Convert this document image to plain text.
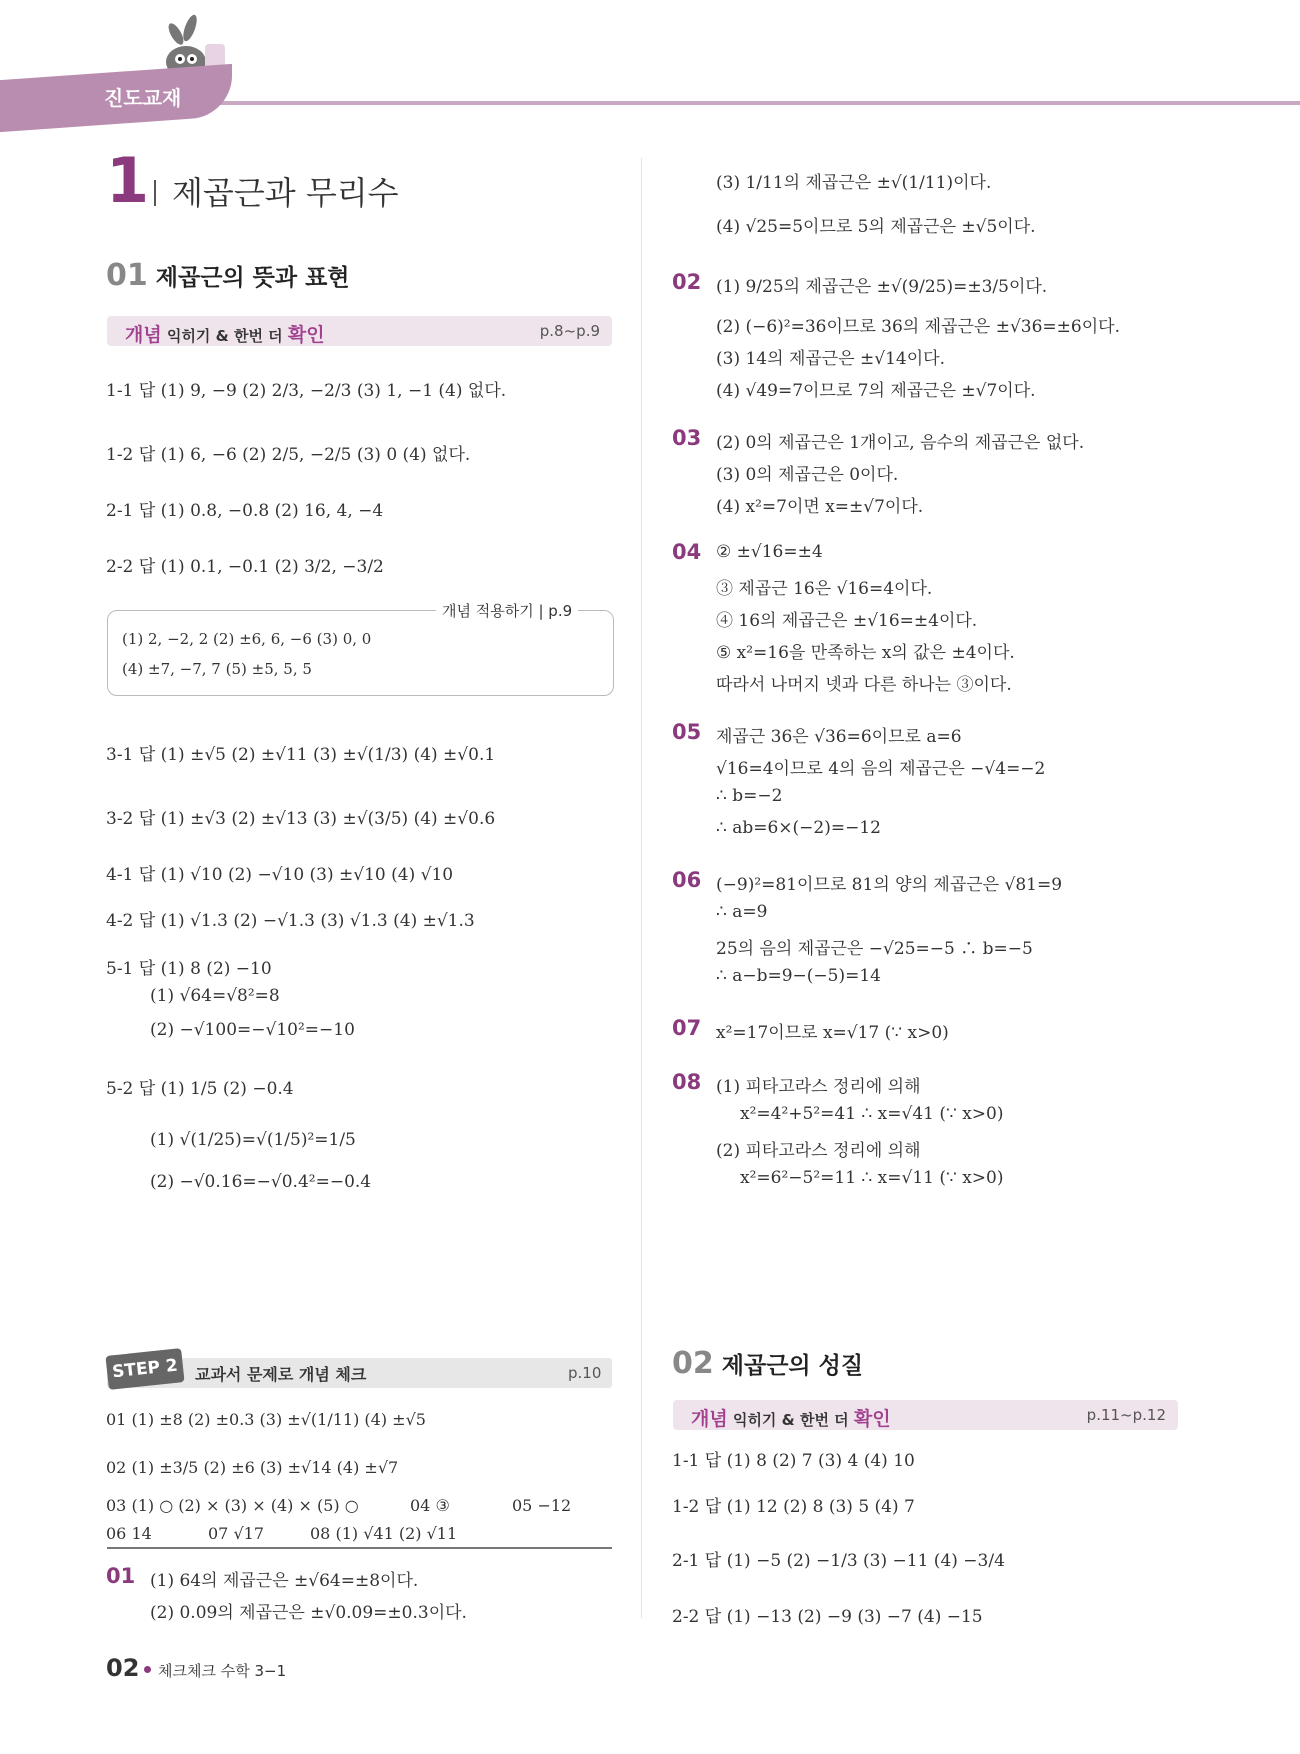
진도교재
1 제곱근과 무리수
01 제곱근의 뜻과 표현
개념 익히기 & 한번 더 확인	p.8~p.9
1-1 답 (1) 9, −9 (2) 2/3, −2/3 (3) 1, −1 (4) 없다.
1-2 답 (1) 6, −6 (2) 2/5, −2/5 (3) 0 (4) 없다.
2-1 답 (1) 0.8, −0.8 (2) 16, 4, −4
2-2 답 (1) 0.1, −0.1 (2) 3/2, −3/2
개념 적용하기 | p.9
(1) 2, −2, 2 (2) ±6, 6, −6 (3) 0, 0
(4) ±7, −7, 7 (5) ±5, 5, 5
3-1 답 (1) ±√5 (2) ±√11 (3) ±√(1/3) (4) ±√0.1
3-2 답 (1) ±√3 (2) ±√13 (3) ±√(3/5) (4) ±√0.6
4-1 답 (1) √10 (2) −√10 (3) ±√10 (4) √10
4-2 답 (1) √1.3 (2) −√1.3 (3) √1.3 (4) ±√1.3
5-1 답 (1) 8 (2) −10
(1) √64=√8²=8
(2) −√100=−√10²=−10
5-2 답 (1) 1/5 (2) −0.4
(1) √(1/25)=√(1/5)²=1/5
(2) −√0.16=−√0.4²=−0.4
STEP 2	교과서 문제로 개념 체크	p.10
01 (1) ±8 (2) ±0.3 (3) ±√(1/11) (4) ±√5
02 (1) ±3/5 (2) ±6 (3) ±√14 (4) ±√7
03 (1) ○ (2) × (3) × (4) × (5) ○	04 ③	05 −12
06 14	07 √17	08 (1) √41 (2) √11
01 (1) 64의 제곱근은 ±√64=±8이다.
(2) 0.09의 제곱근은 ±√0.09=±0.3이다.
(3) 1/11의 제곱근은 ±√(1/11)이다.
(4) √25=5이므로 5의 제곱근은 ±√5이다.
02 (1) 9/25의 제곱근은 ±√(9/25)=±3/5이다.
(2) (−6)²=36이므로 36의 제곱근은 ±√36=±6이다.
(3) 14의 제곱근은 ±√14이다.
(4) √49=7이므로 7의 제곱근은 ±√7이다.
03 (2) 0의 제곱근은 1개이고, 음수의 제곱근은 없다.
(3) 0의 제곱근은 0이다.
(4) x²=7이면 x=±√7이다.
04 ② ±√16=±4
③ 제곱근 16은 √16=4이다.
④ 16의 제곱근은 ±√16=±4이다.
⑤ x²=16을 만족하는 x의 값은 ±4이다.
따라서 나머지 넷과 다른 하나는 ③이다.
05 제곱근 36은 √36=6이므로 a=6
√16=4이므로 4의 음의 제곱근은 −√4=−2
∴ b=−2
∴ ab=6×(−2)=−12
06 (−9)²=81이므로 81의 양의 제곱근은 √81=9
∴ a=9
25의 음의 제곱근은 −√25=−5 ∴ b=−5
∴ a−b=9−(−5)=14
07 x²=17이므로 x=√17 (∵ x>0)
08 (1) 피타고라스 정리에 의해
x²=4²+5²=41 ∴ x=√41 (∵ x>0)
(2) 피타고라스 정리에 의해
x²=6²−5²=11 ∴ x=√11 (∵ x>0)
02 제곱근의 성질
개념 익히기 & 한번 더 확인	p.11~p.12
1-1 답 (1) 8 (2) 7 (3) 4 (4) 10
1-2 답 (1) 12 (2) 8 (3) 5 (4) 7
2-1 답 (1) −5 (2) −1/3 (3) −11 (4) −3/4
2-2 답 (1) −13 (2) −9 (3) −7 (4) −15
02 체크체크 수학 3−1
